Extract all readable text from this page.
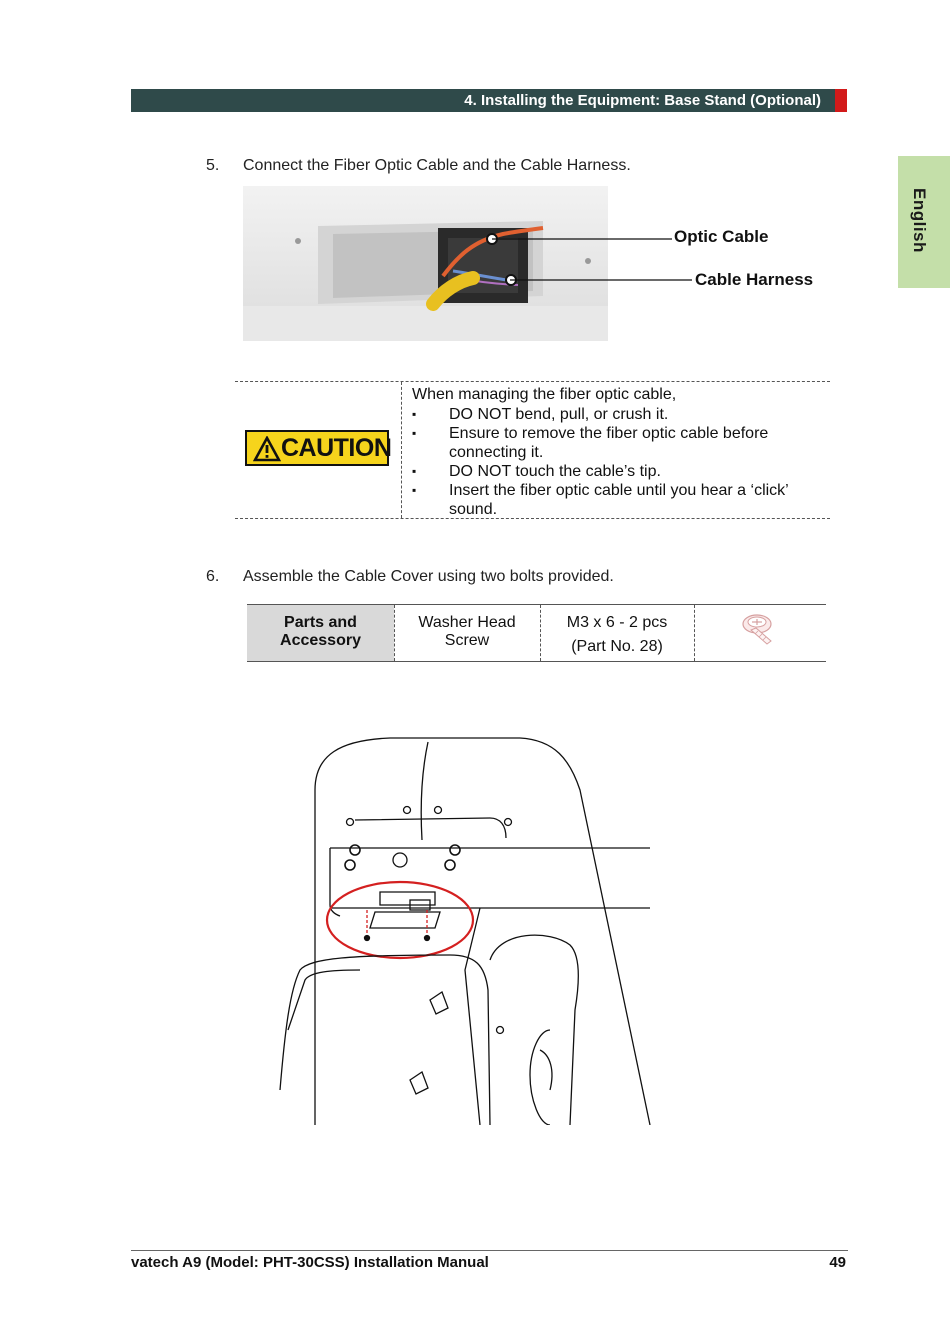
4. Installing the Equipment: Base Stand (Optional)
English
5. Connect the Fiber Optic Cable and the Cable Harness.
Optic Cable
Cable Harness
CAUTION
When managing the fiber optic cable,
▪ DO NOT bend, pull, or crush it.
▪ Ensure to remove the fiber optic cable before connecting it.
▪ DO NOT touch the cable’s tip.
▪ Insert the fiber optic cable until you hear a ‘click’ sound.
6. Assemble the Cable Cover using two bolts provided.
Parts and
Accessory
Washer Head
Screw
M3 x 6 - 2 pcs
(Part No. 28)
vatech A9 (Model: PHT-30CSS) Installation Manual	49
